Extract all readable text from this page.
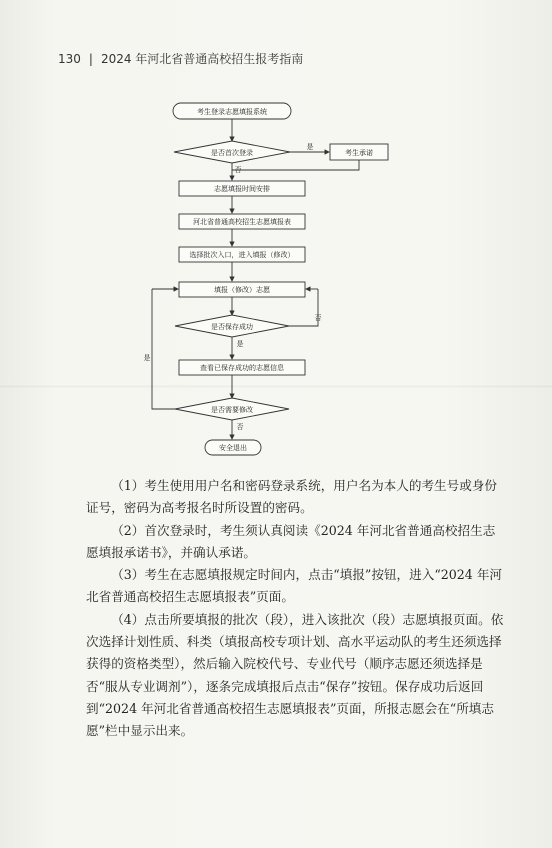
130 | 2024 年河北省普通高校招生报考指南
考生登录志愿填报系统
是否首次登录
是
考生承诺
否
志愿填报时间安排
河北省普通高校招生志愿填报表
选择批次入口，进入填报（修改）
填报（修改）志愿
是否保存成功
否
是
查看已保存成功的志愿信息
是否需要修改
是
否
安全退出

（1）考生使用用户名和密码登录系统，用户名为本人的考生号或身份证号，密码为高考报名时所设置的密码。

（2）首次登录时，考生须认真阅读《2024 年河北省普通高校招生志愿填报承诺书》，并确认承诺。

（3）考生在志愿填报规定时间内，点击“填报”按钮，进入“2024 年河北省普通高校招生志愿填报表”页面。

（4）点击所要填报的批次（段），进入该批次（段）志愿填报页面。依次选择计划性质、科类（填报高校专项计划、高水平运动队的考生还须选择获得的资格类型），然后输入院校代号、专业代号（顺序志愿还须选择是否“服从专业调剂”），逐条完成填报后点击“保存”按钮。保存成功后返回到“2024 年河北省普通高校招生志愿填报表”页面，所报志愿会在“所填志愿”栏中显示出来。
